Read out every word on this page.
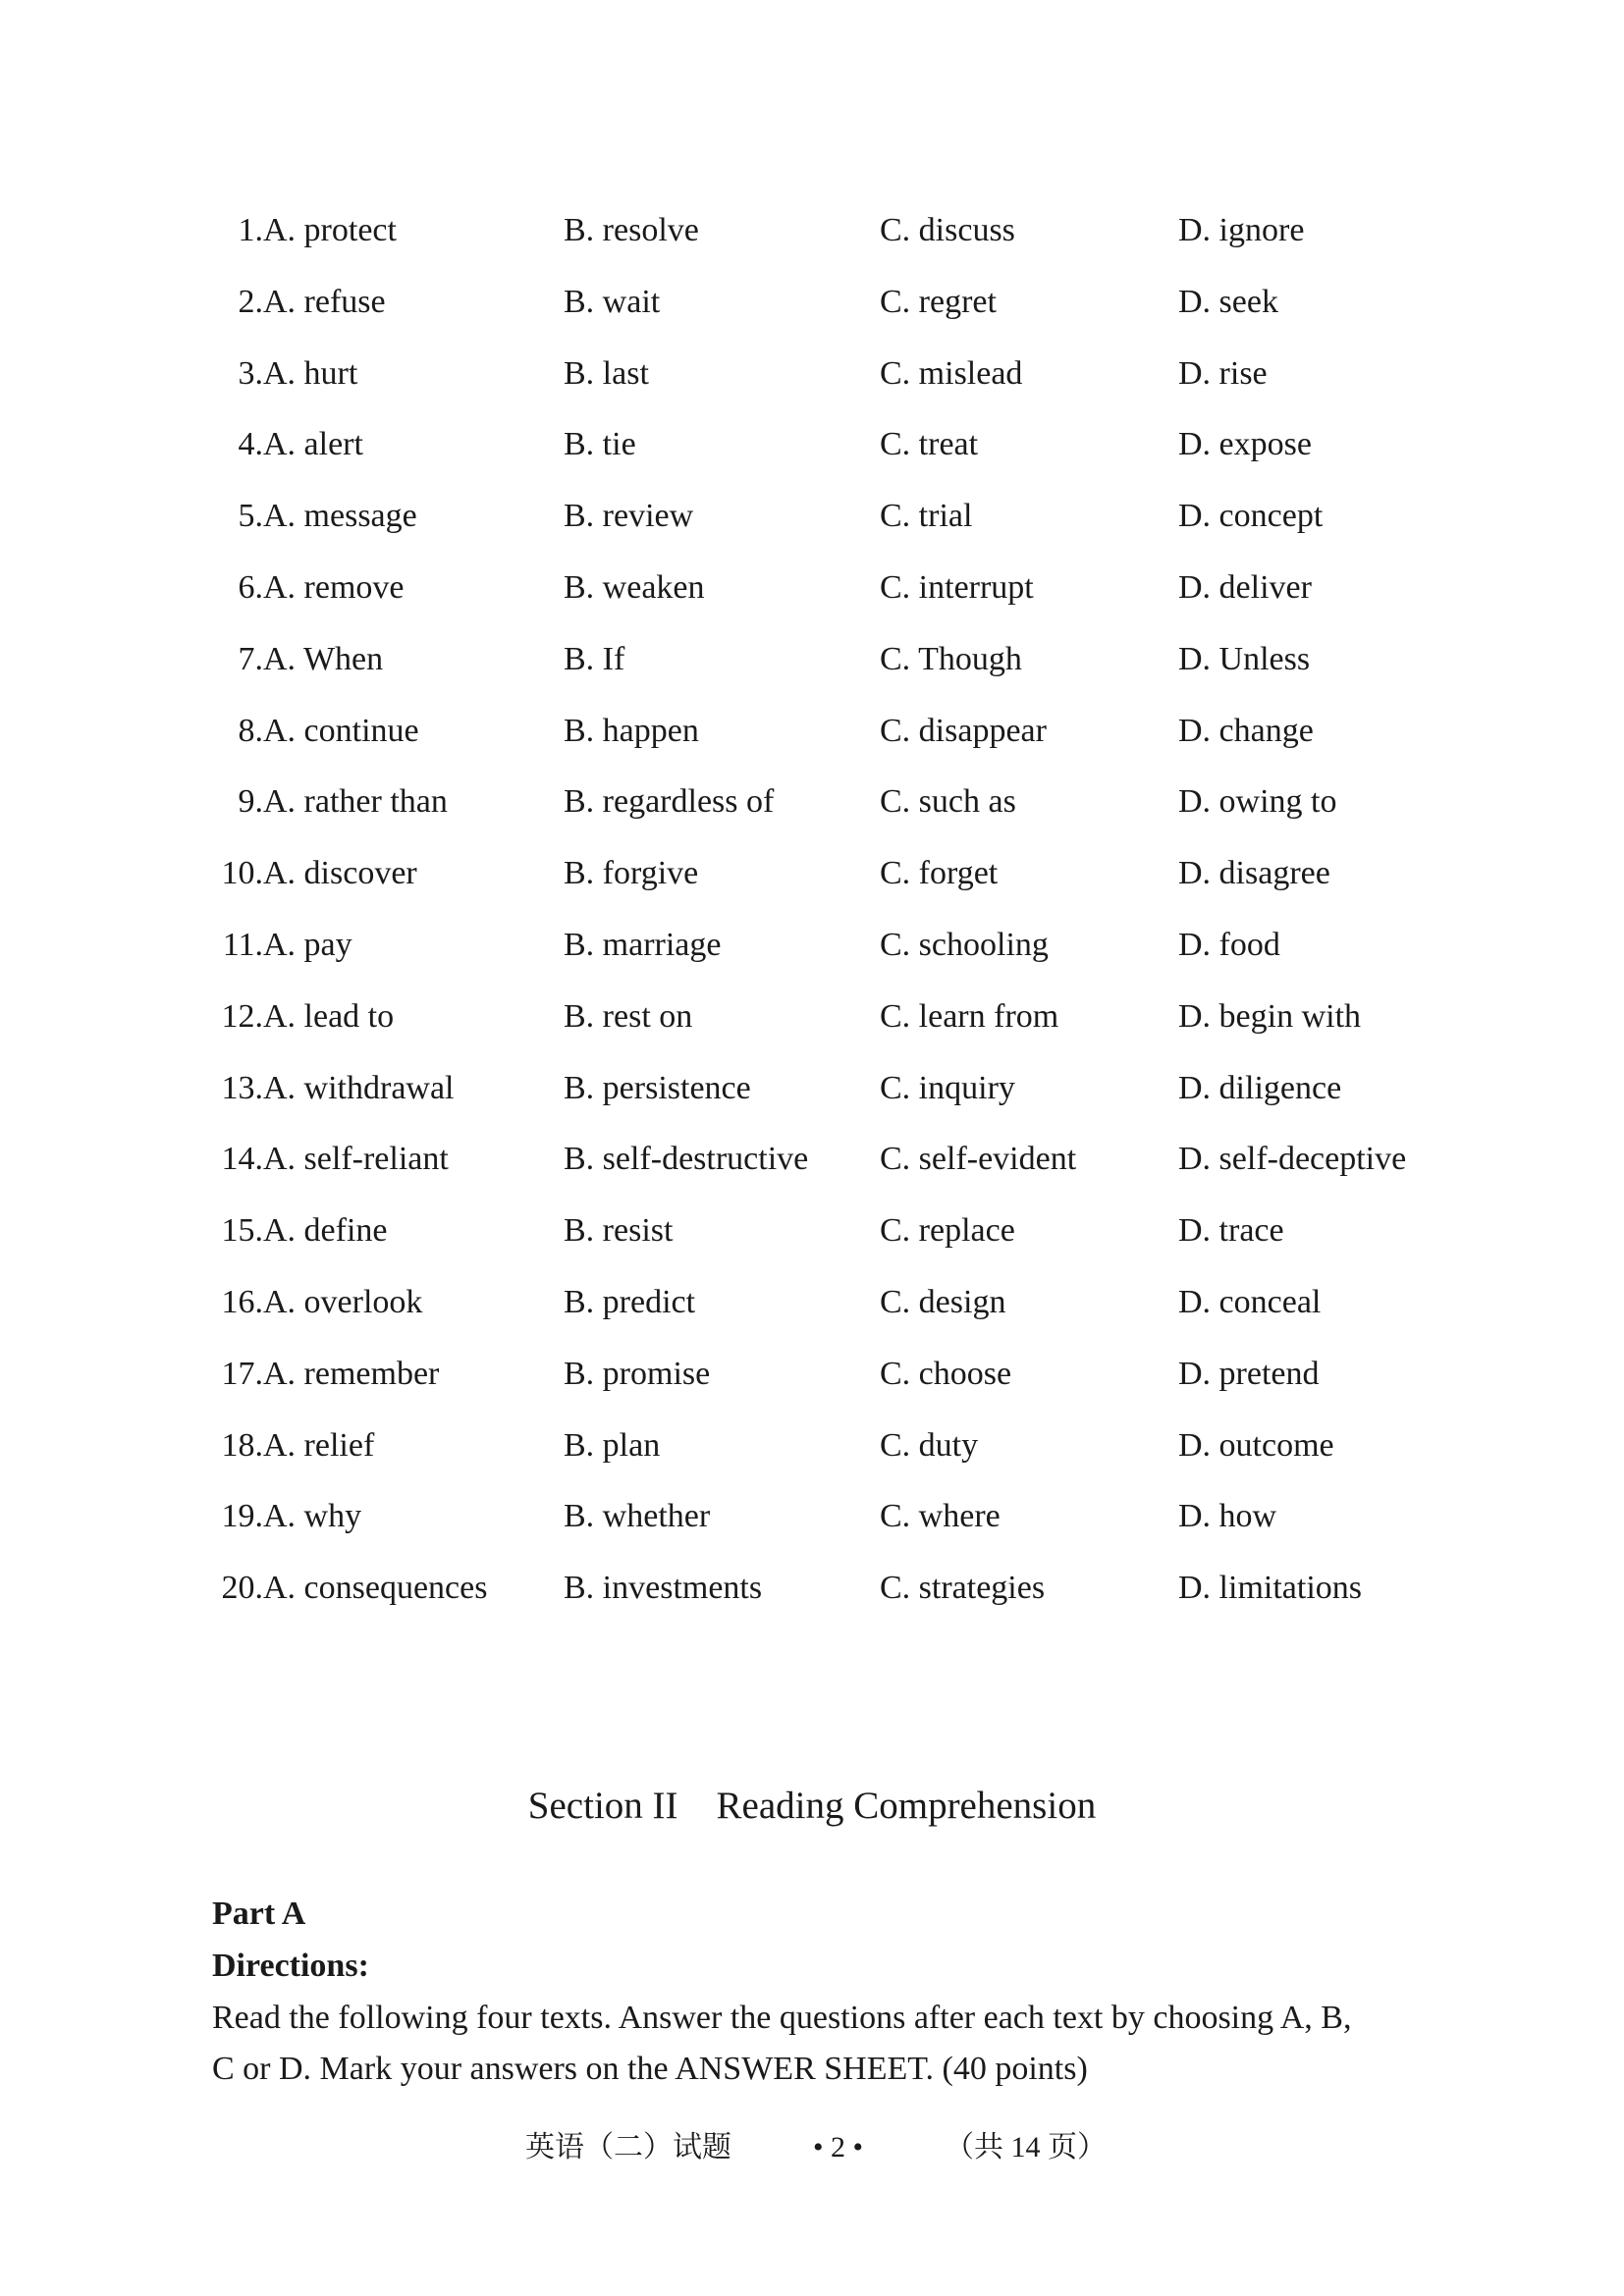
1. A. protect	B. resolve	C. discuss	D. ignore
2. A. refuse	B. wait	C. regret	D. seek
3. A. hurt	B. last	C. mislead	D. rise
4. A. alert	B. tie	C. treat	D. expose
5. A. message	B. review	C. trial	D. concept
6. A. remove	B. weaken	C. interrupt	D. deliver
7. A. When	B. If	C. Though	D. Unless
8. A. continue	B. happen	C. disappear	D. change
9. A. rather than	B. regardless of	C. such as	D. owing to
10. A. discover	B. forgive	C. forget	D. disagree
11. A. pay	B. marriage	C. schooling	D. food
12. A. lead to	B. rest on	C. learn from	D. begin with
13. A. withdrawal	B. persistence	C. inquiry	D. diligence
14. A. self-reliant	B. self-destructive C. self-evident	D. self-deceptive
15. A. define	B. resist	C. replace	D. trace
16. A. overlook	B. predict	C. design	D. conceal
17. A. remember	B. promise	C. choose	D. pretend
18. A. relief	B. plan	C. duty	D. outcome
19. A. why	B. whether	C. where	D. how
20. A. consequences B. investments	C. strategies	D. limitations
Section II    Reading Comprehension
Part A
Directions:
Read the following four texts. Answer the questions after each text by choosing A, B,
C or D. Mark your answers on the ANSWER SHEET. (40 points)
英语（二）试题	• 2 •	（共 14 页）
